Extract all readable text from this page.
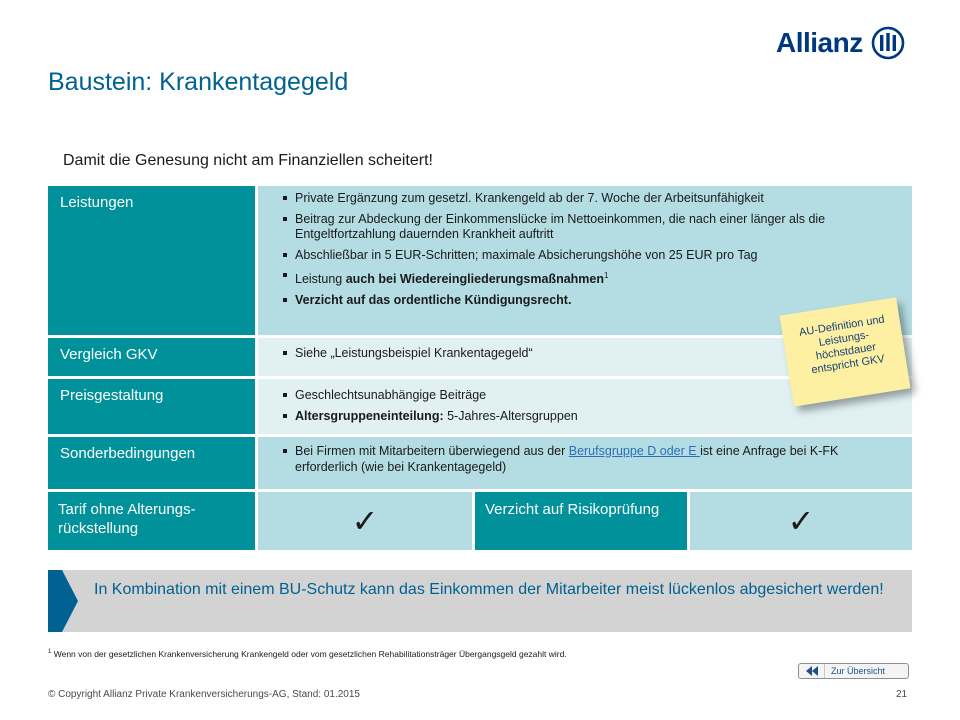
Allianz
Baustein: Krankentagegeld
Damit die Genesung nicht am Finanziellen scheitert!
Leistungen	Private Ergänzung zum gesetzl. Krankengeld ab der 7. Woche der Arbeitsunfähigkeit
Beitrag zur Abdeckung der Einkommenslücke im Nettoeinkommen, die nach einer länger als die Entgeltfortzahlung dauernden Krankheit auftritt
Abschließbar in 5 EUR-Schritten; maximale Absicherungshöhe von 25 EUR pro Tag
Leistung auch bei Wiedereingliederungsmaßnahmen$^1$
Verzicht auf das ordentliche Kündigungsrecht.
Vergleich GKV	Siehe „Leistungsbeispiel Krankentagegeld“
Preisgestaltung	Geschlechtsunabhängige Beiträge
Altersgruppeneinteilung: 5-Jahres-Altersgruppen
Sonderbedingungen	Bei Firmen mit Mitarbeitern überwiegend aus der Berufsgruppe D oder E ist eine Anfrage bei K-FK erforderlich (wie bei Krankentagegeld)
Tarif ohne Alterungs-rückstellung	✓	Verzicht auf Risikoprüfung	✓
AU-Definition und Leistungs-höchstdauer entspricht GKV
In Kombination mit einem BU-Schutz kann das Einkommen der Mitarbeiter meist lückenlos abgesichert werden!
$^1$ Wenn von der gesetzlichen Krankenversicherung Krankengeld oder vom gesetzlichen Rehabilitationsträger Übergangsgeld gezahlt wird.
Zur Übersicht
© Copyright Allianz Private Krankenversicherungs-AG, Stand: 01.2015	21
